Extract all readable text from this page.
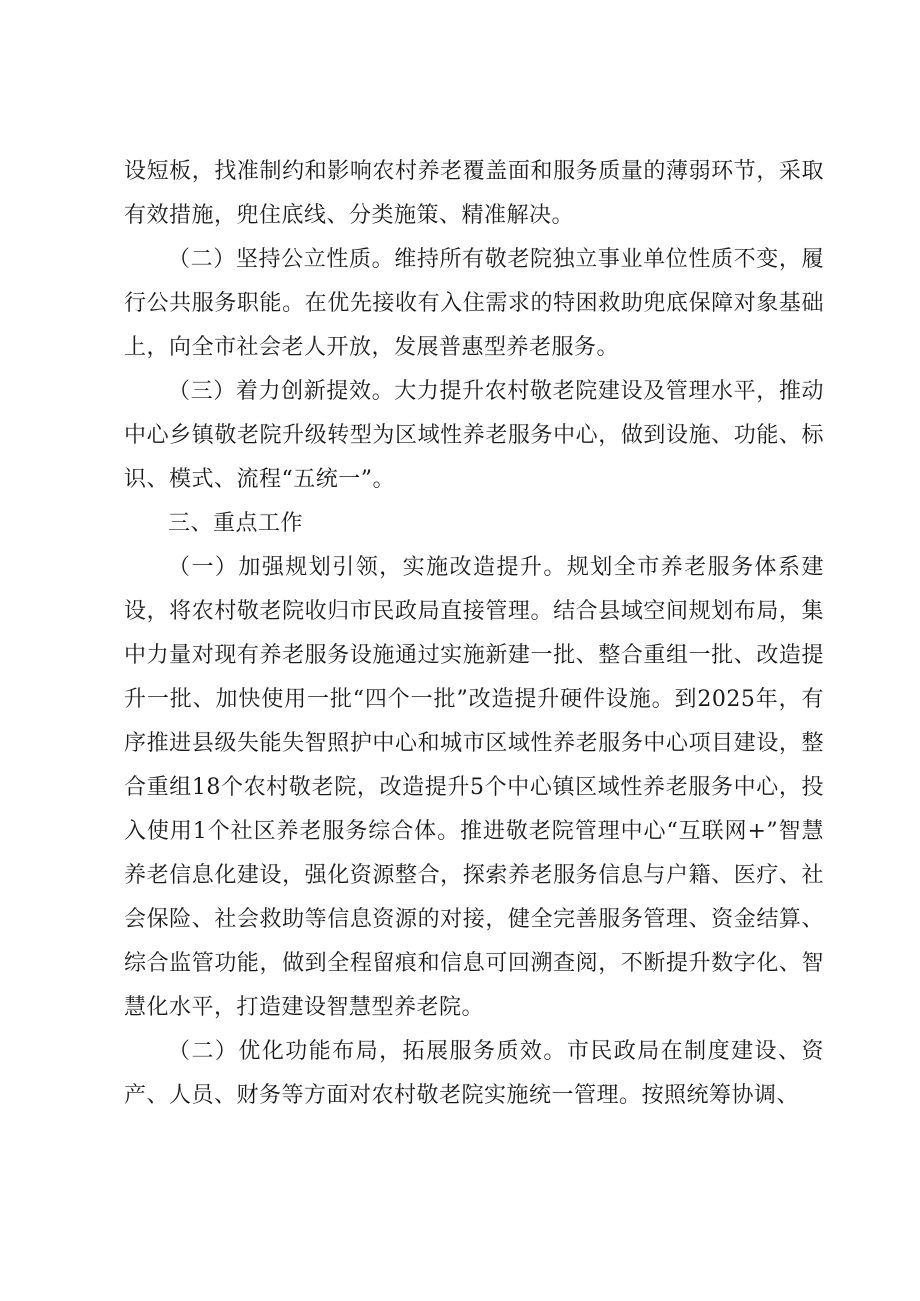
设短板，找准制约和影响农村养老覆盖面和服务质量的薄弱环节，采取有效措施，兜住底线、分类施策、精准解决。

（二）坚持公立性质。维持所有敬老院独立事业单位性质不变，履行公共服务职能。在优先接收有入住需求的特困救助兜底保障对象基础上，向全市社会老人开放，发展普惠型养老服务。

（三）着力创新提效。大力提升农村敬老院建设及管理水平，推动中心乡镇敬老院升级转型为区域性养老服务中心，做到设施、功能、标识、模式、流程“五统一”。

三、重点工作

（一）加强规划引领，实施改造提升。规划全市养老服务体系建设，将农村敬老院收归市民政局直接管理。结合县域空间规划布局，集中力量对现有养老服务设施通过实施新建一批、整合重组一批、改造提升一批、加快使用一批“四个一批”改造提升硬件设施。到2025年，有序推进县级失能失智照护中心和城市区域性养老服务中心项目建设，整合重组18个农村敬老院，改造提升5个中心镇区域性养老服务中心，投入使用1个社区养老服务综合体。推进敬老院管理中心“互联网+”智慧养老信息化建设，强化资源整合，探索养老服务信息与户籍、医疗、社会保险、社会救助等信息资源的对接，健全完善服务管理、资金结算、综合监管功能，做到全程留痕和信息可回溯查阅，不断提升数字化、智慧化水平，打造建设智慧型养老院。

（二）优化功能布局，拓展服务质效。市民政局在制度建设、资产、人员、财务等方面对农村敬老院实施统一管理。按照统筹协调、
